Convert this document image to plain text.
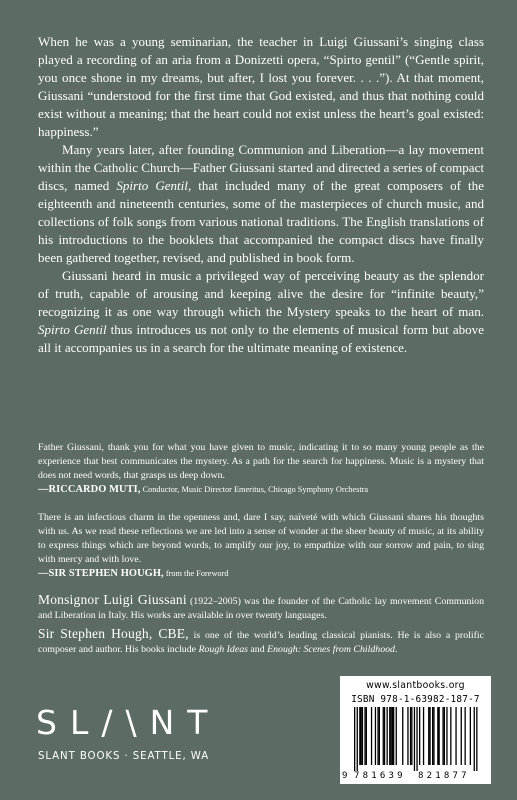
When he was a young seminarian, the teacher in Luigi Giussani’s singing class played a recording of an aria from a Donizetti opera, “Spirto gentil” (“Gentle spirit, you once shone in my dreams, but after, I lost you forever. . . .”). At that moment, Giussani “understood for the first time that God existed, and thus that nothing could exist without a meaning; that the heart could not exist unless the heart’s goal existed: happiness.”

Many years later, after founding Communion and Liberation—a lay movement within the Catholic Church—Father Giussani started and directed a series of compact discs, named Spirto Gentil, that included many of the great composers of the eighteenth and nineteenth centuries, some of the masterpieces of church music, and collections of folk songs from various national traditions. The English translations of his introductions to the booklets that accompanied the compact discs have finally been gathered together, revised, and published in book form.

Giussani heard in music a privileged way of perceiving beauty as the splendor of truth, capable of arousing and keeping alive the desire for “infinite beauty,” recognizing it as one way through which the Mystery speaks to the heart of man. Spirto Gentil thus introduces us not only to the elements of musical form but above all it accompanies us in a search for the ultimate meaning of existence.

Father Giussani, thank you for what you have given to music, indicating it to so many young people as the experience that best communicates the mystery. As a path for the search for happiness. Music is a mystery that does not need words, that grasps us deep down.

—RICCARDO MUTI, Conductor, Music Director Emeritus, Chicago Symphony Orchestra

There is an infectious charm in the openness and, dare I say, naïveté with which Giussani shares his thoughts with us. As we read these reflections we are led into a sense of wonder at the sheer beauty of music, at its ability to express things which are beyond words, to amplify our joy, to empathize with our sorrow and pain, to sing with mercy and with love.

—SIR STEPHEN HOUGH, from the Foreword

Monsignor Luigi Giussani (1922–2005) was the founder of the Catholic lay movement Communion and Liberation in Italy. His works are available in over twenty languages.
Sir Stephen Hough, CBE, is one of the world’s leading classical pianists. He is also a prolific composer and author. His books include Rough Ideas and Enough: Scenes from Childhood.
SL/\NT
SLANT BOOKS · SEATTLE, WA
www.slantbooks.org
ISBN 978-1-63982-187-7
9 781639 821877
